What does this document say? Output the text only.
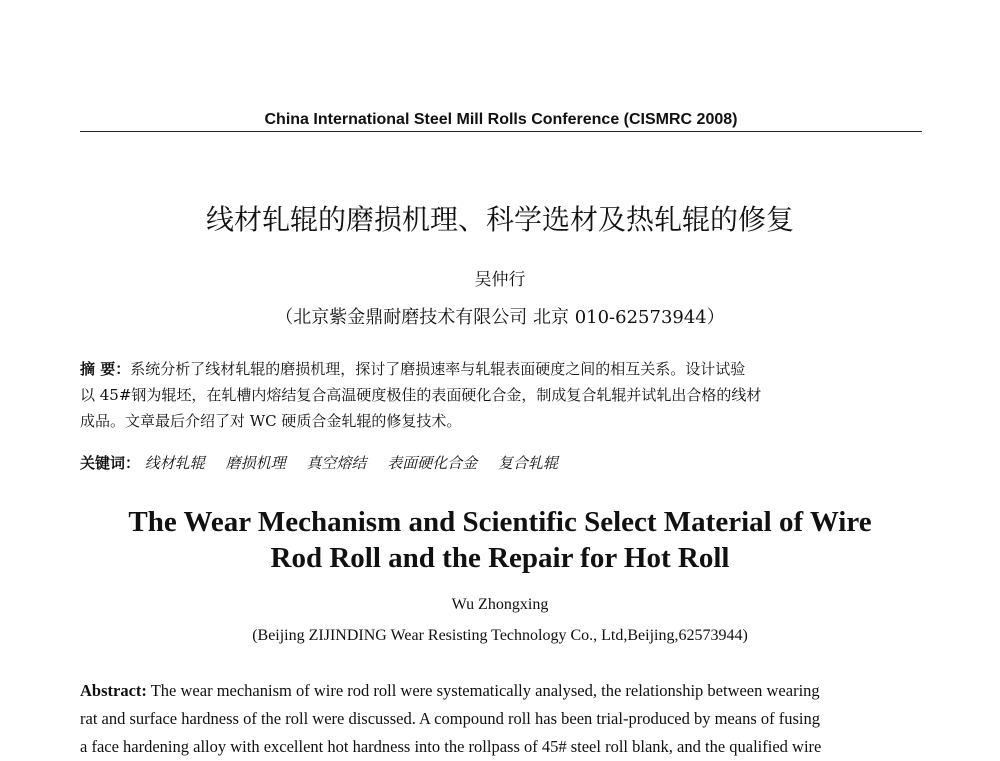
China International Steel Mill Rolls Conference (CISMRC 2008)
线材轧辊的磨损机理、科学选材及热轧辊的修复
吴仲行
（北京紫金鼎耐磨技术有限公司 北京 010-62573944）
摘 要：系统分析了线材轧辊的磨损机理，探讨了磨损速率与轧辊表面硬度之间的相互关系。设计试验
以 45#钢为辊坯，在轧槽内熔结复合高温硬度极佳的表面硬化合金，制成复合轧辊并试轧出合格的线材
成品。文章最后介绍了对 WC 硬质合金轧辊的修复技术。
关键词： 线材轧辊 磨损机理 真空熔结 表面硬化合金 复合轧辊
The Wear Mechanism and Scientific Select Material of Wire
Rod Roll and the Repair for Hot Roll
Wu Zhongxing
(Beijing ZIJINDING Wear Resisting Technology Co., Ltd,Beijing,62573944)
Abstract: The wear mechanism of wire rod roll were systematically analysed, the relationship between wearing
rat and surface hardness of the roll were discussed. A compound roll has been trial-produced by means of fusing
a face hardening alloy with excellent hot hardness into the rollpass of 45# steel roll blank, and the qualified wire
